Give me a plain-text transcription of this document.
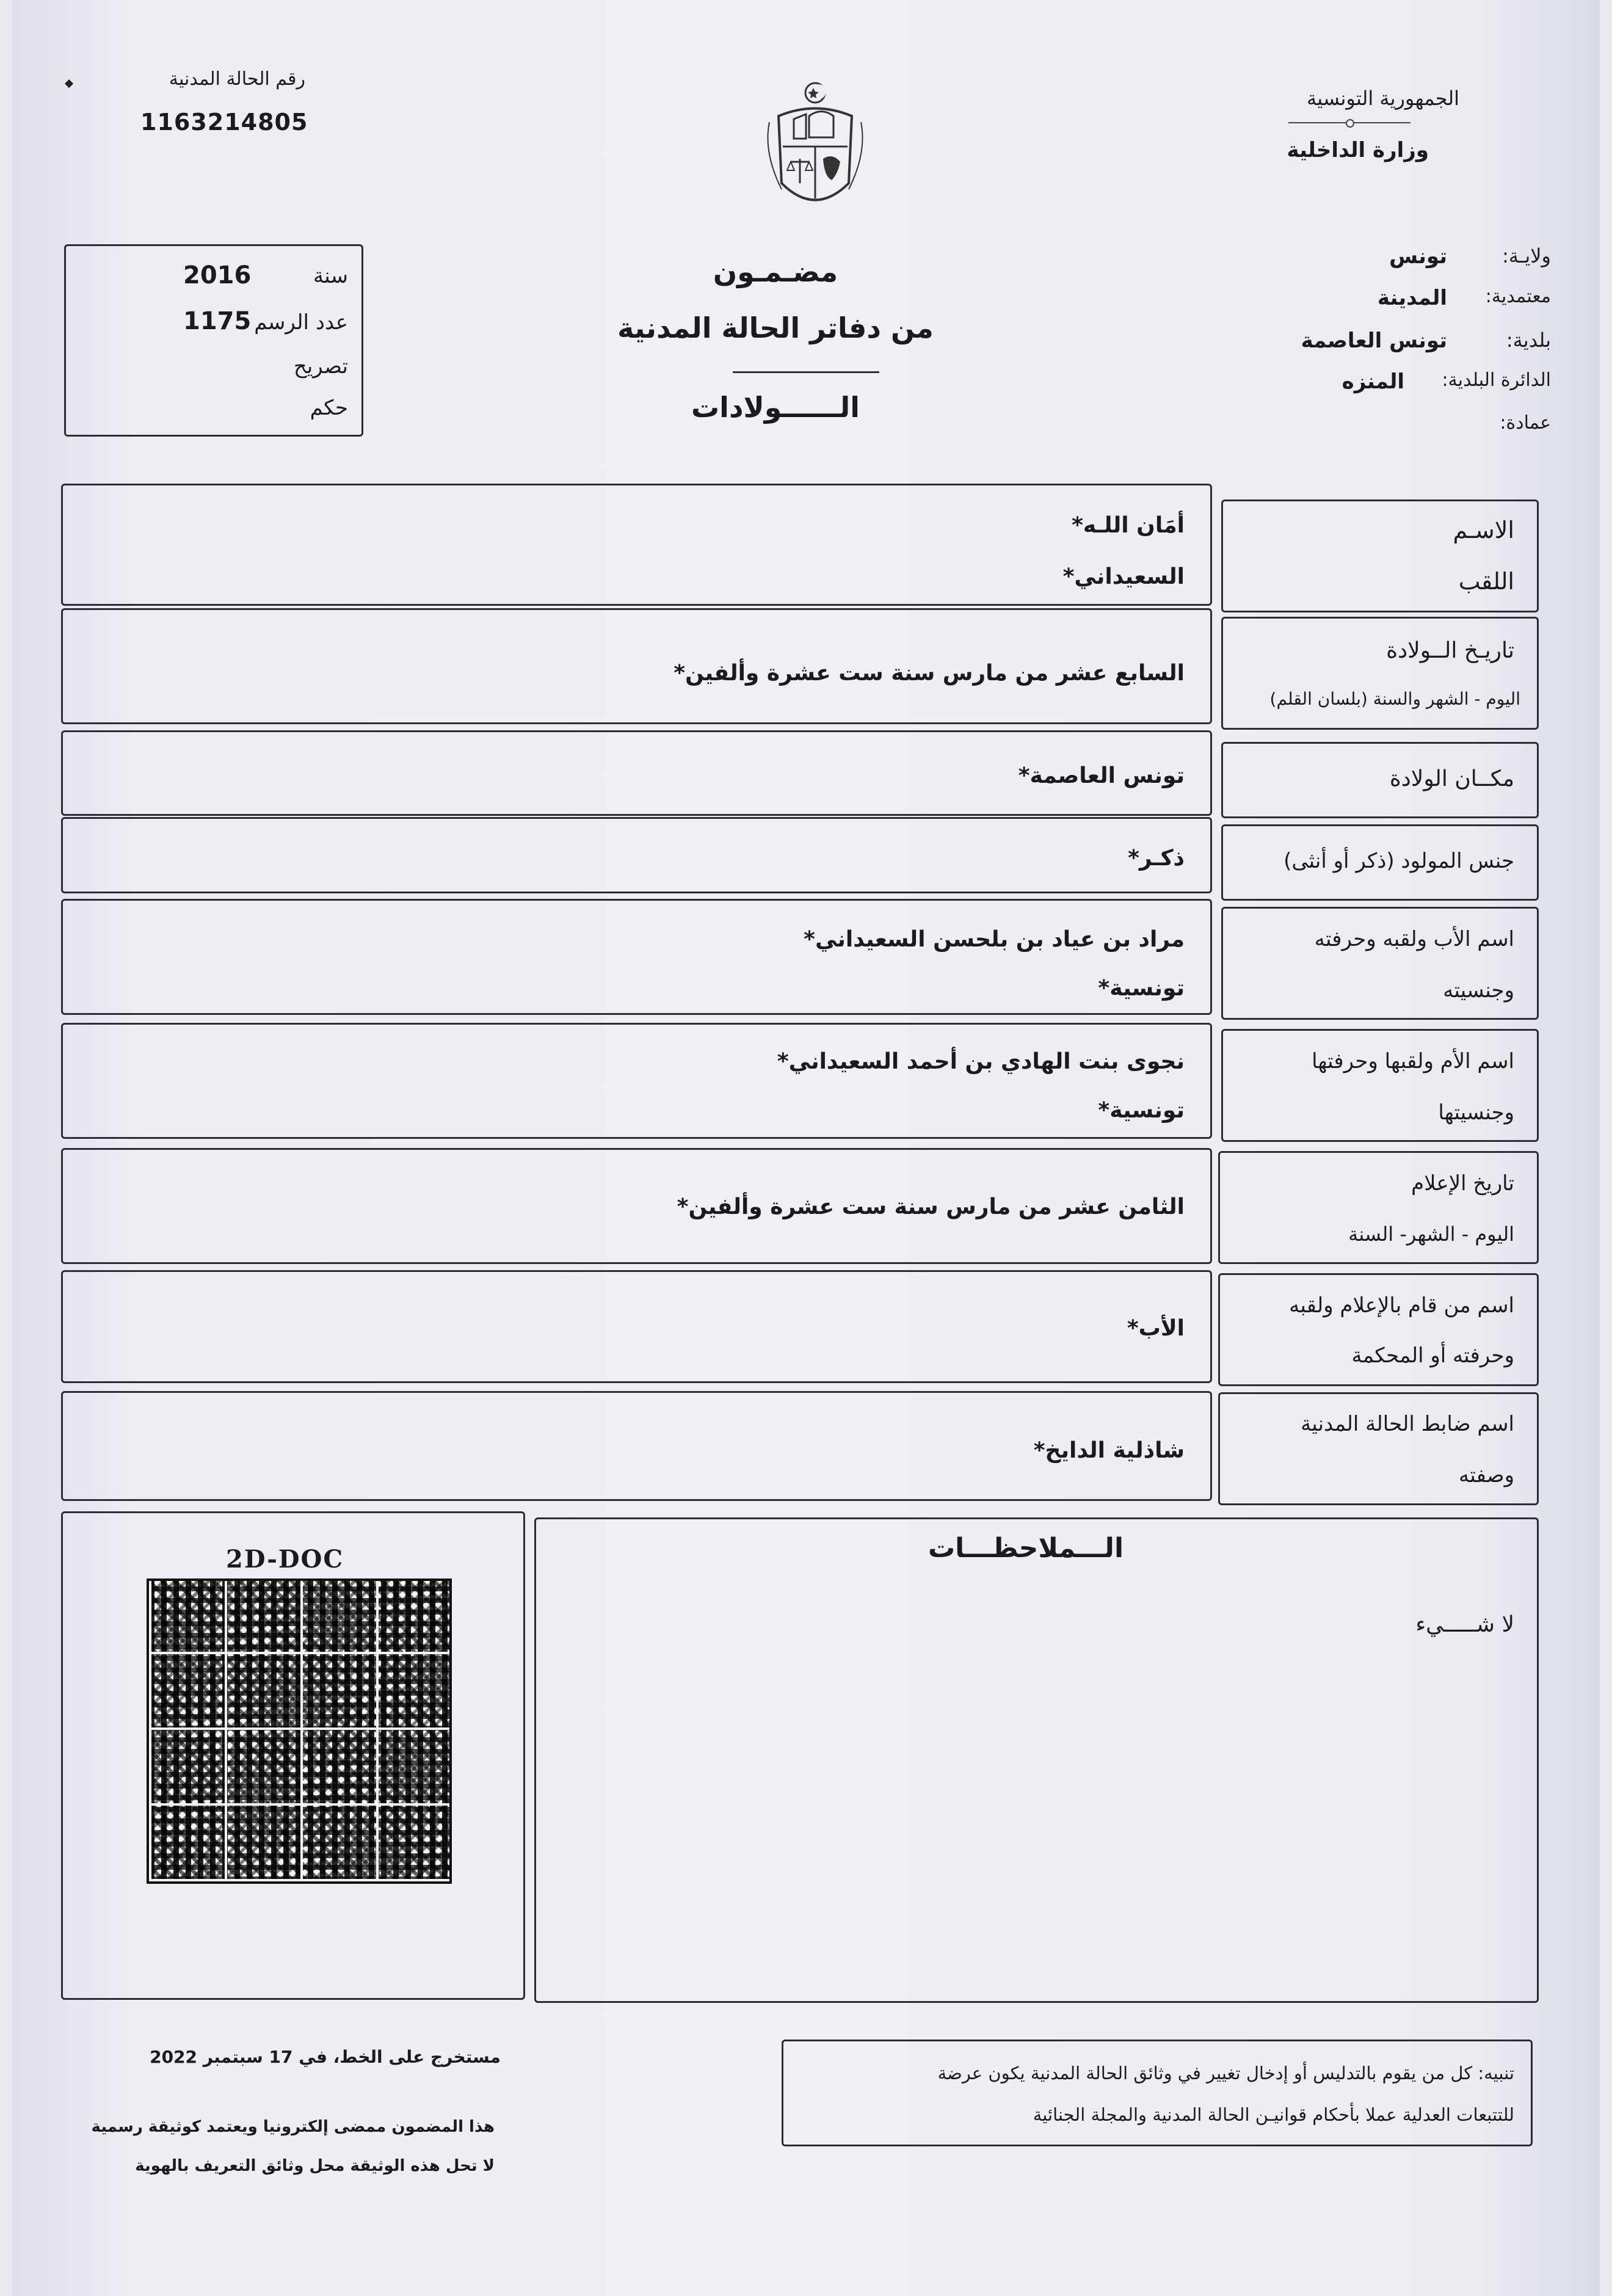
رقم الحالة المدنية
1163214805
الجمهورية التونسية
وزارة الداخلية
سنة
2016
عدد الرسم
1175
تصريح
حكم
مضـمـون
من دفاتر الحالة المدنية
الــــــولادات
ولايـة:
تونس
معتمدية:
المدينة
بلدية:
تونس العاصمة
الدائرة البلدية:
المنزه
عمادة:
الاسـم
اللقب
أمَان اللـه*
السعيداني*
تاريـخ الــولادة
اليوم - الشهر والسنة (بلسان القلم)
السابع عشر من مارس سنة ست عشرة وألفين*
مكــان الولادة
تونس العاصمة*
جنس المولود (ذكر أو أنثى)
ذكـر*
اسم الأب ولقبه وحرفته
وجنسيته
مراد بن عياد بن بلحسن السعيداني*
تونسية*
اسم الأم ولقبها وحرفتها
وجنسيتها
نجوى بنت الهادي بن أحمد السعيداني*
تونسية*
تاريخ الإعلام
اليوم - الشهر- السنة
الثامن عشر من مارس سنة ست عشرة وألفين*
اسم من قام بالإعلام ولقبه
وحرفته أو المحكمة
الأب*
اسم ضابط الحالة المدنية
وصفته
شاذلية الدايخ*
2D-DOC	الـــملاحظـــات
لا شـــــيء
مستخرج على الخط، في 17 سبتمبر 2022
هذا المضمون ممضى إلكترونيا ويعتمد كوثيقة رسمية
لا تحل هذه الوثيقة محل وثائق التعريف بالهوية
تنبيه: كل من يقوم بالتدليس أو إدخال تغيير في وثائق الحالة المدنية يكون عرضة
للتتبعات العدلية عملا بأحكام قوانيـن الحالة المدنية والمجلة الجنائية
